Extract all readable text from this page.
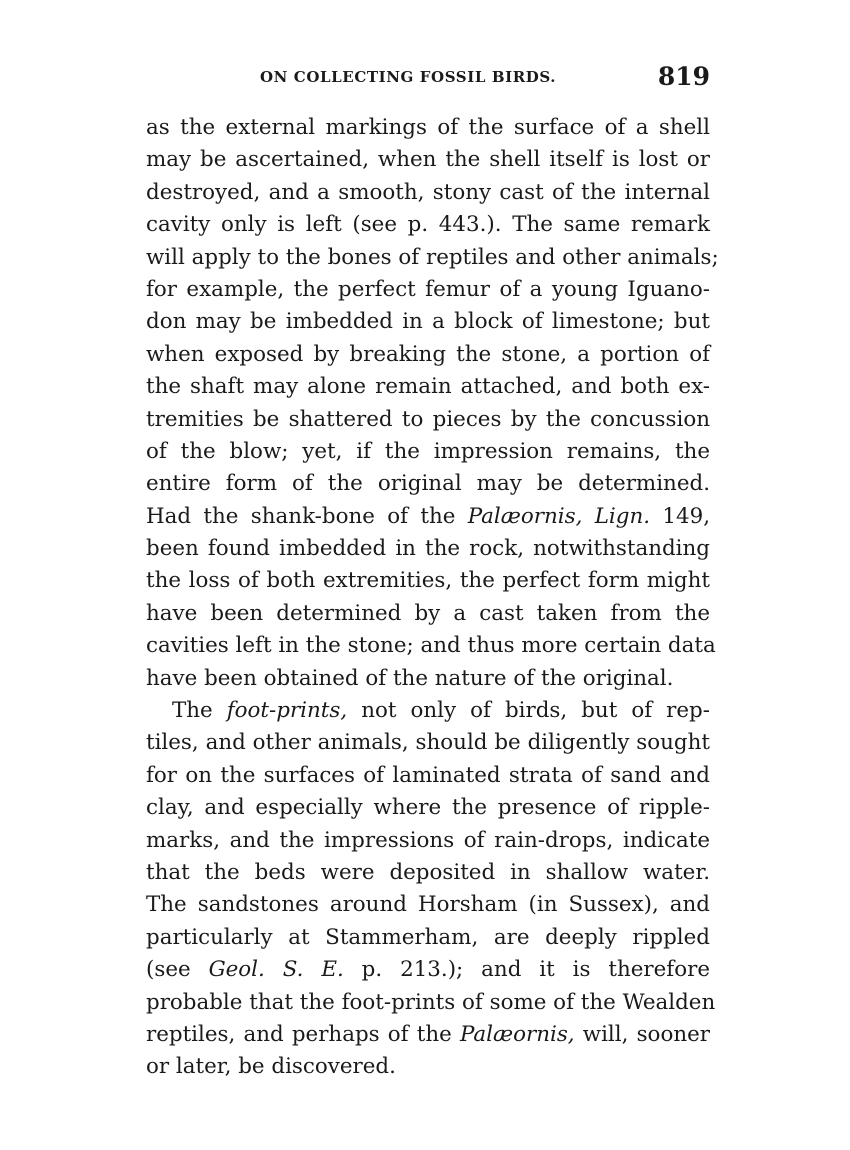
ON COLLECTING FOSSIL BIRDS.	819
as the external markings of the surface of a shell
may be ascertained, when the shell itself is lost or
destroyed, and a smooth, stony cast of the internal
cavity only is left (see p. 443.). The same remark
will apply to the bones of reptiles and other animals;
for example, the perfect femur of a young Iguano-
don may be imbedded in a block of limestone; but
when exposed by breaking the stone, a portion of
the shaft may alone remain attached, and both ex-
tremities be shattered to pieces by the concussion
of the blow; yet, if the impression remains, the
entire form of the original may be determined.
Had the shank-bone of the Palæornis, Lign. 149,
been found imbedded in the rock, notwithstanding
the loss of both extremities, the perfect form might
have been determined by a cast taken from the
cavities left in the stone; and thus more certain data
have been obtained of the nature of the original.
The foot-prints, not only of birds, but of rep-
tiles, and other animals, should be diligently sought
for on the surfaces of laminated strata of sand and
clay, and especially where the presence of ripple-
marks, and the impressions of rain-drops, indicate
that the beds were deposited in shallow water.
The sandstones around Horsham (in Sussex), and
particularly at Stammerham, are deeply rippled
(see Geol. S. E. p. 213.); and it is therefore
probable that the foot-prints of some of the Wealden
reptiles, and perhaps of the Palæornis, will, sooner
or later, be discovered.
